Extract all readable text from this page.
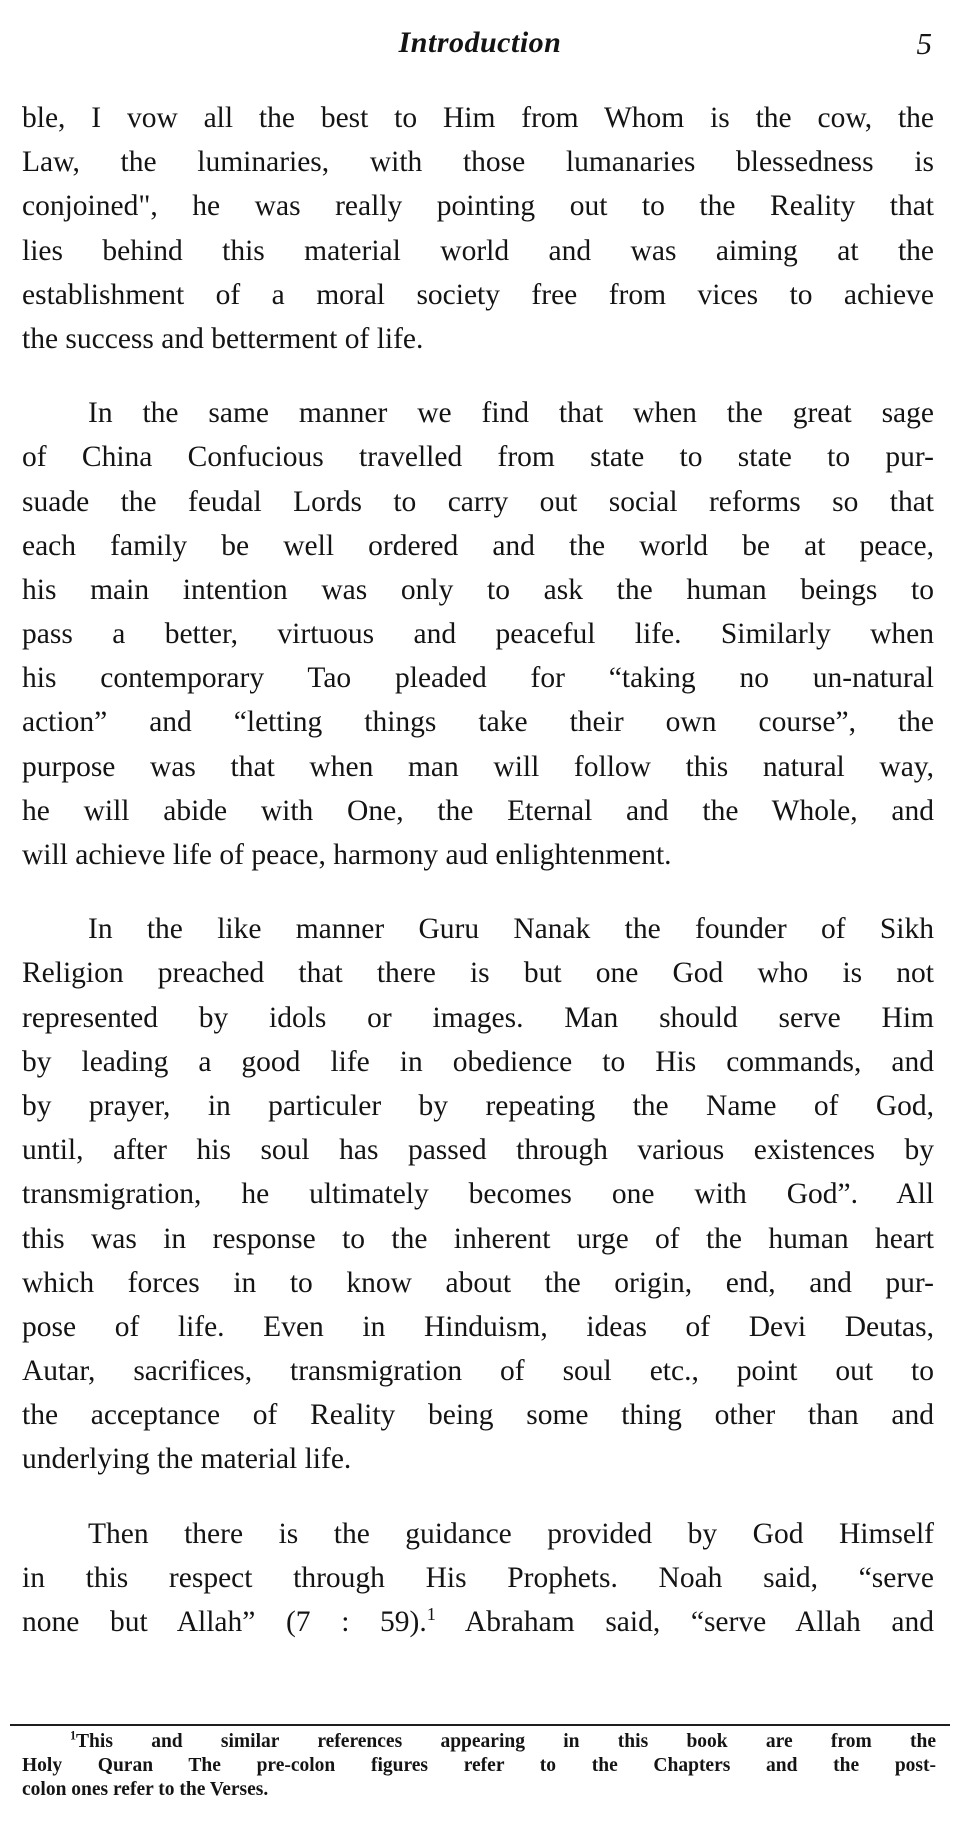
Introduction	5
ble, I vow all the best to Him from Whom is the cow, the
Law, the luminaries, with those lumanaries blessedness is
conjoined", he was really pointing out to the Reality that
lies behind this material world and was aiming at the
establishment of a moral society free from vices to achieve
the success and betterment of life.
In the same manner we find that when the great sage
of China Confucious travelled from state to state to pur-
suade the feudal Lords to carry out social reforms so that
each family be well ordered and the world be at peace,
his main intention was only to ask the human beings to
pass a better, virtuous and peaceful life. Similarly when
his contemporary Tao pleaded for “taking no un-natural
action” and “letting things take their own course”, the
purpose was that when man will follow this natural way,
he will abide with One, the Eternal and the Whole, and
will achieve life of peace, harmony aud enlightenment.
In the like manner Guru Nanak the founder of Sikh
Religion preached that there is but one God who is not
represented by idols or images. Man should serve Him
by leading a good life in obedience to His commands, and
by prayer, in particuler by repeating the Name of God,
until, after his soul has passed through various existences by
transmigration, he ultimately becomes one with God”. All
this was in response to the inherent urge of the human heart
which forces in to know about the origin, end, and pur-
pose of life. Even in Hinduism, ideas of Devi Deutas,
Autar, sacrifices, transmigration of soul etc., point out to
the acceptance of Reality being some thing other than and
underlying the material life.
Then there is the guidance provided by God Himself
in this respect through His Prophets. Noah said, “serve
none but Allah” (7 : 59).$^1$ Abraham said, “serve Allah and
$^1$This and similar references appearing in this book are from the
Holy Quran The pre-colon figures refer to the Chapters and the post-
colon ones refer to the Verses.
